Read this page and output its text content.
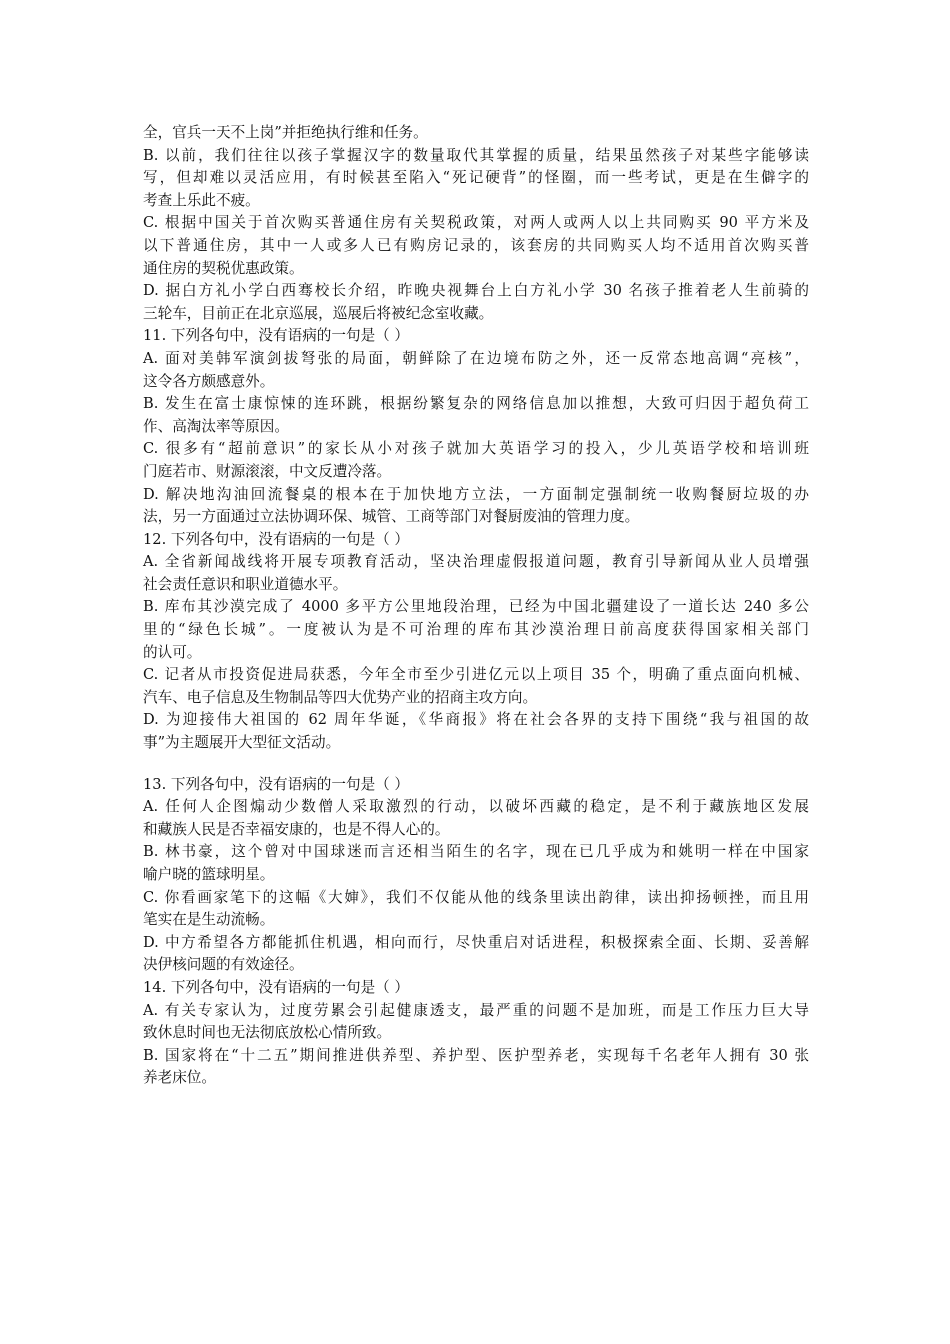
全，官兵一天不上岗”并拒绝执行维和任务。
B. 以前，我们往往以孩子掌握汉字的数量取代其掌握的质量，结果虽然孩子对某些字能够读
写，但却难以灵活应用，有时候甚至陷入“死记硬背”的怪圈，而一些考试，更是在生僻字的
考查上乐此不疲。
C. 根据中国关于首次购买普通住房有关契税政策，对两人或两人以上共同购买 90 平方米及
以下普通住房，其中一人或多人已有购房记录的，该套房的共同购买人均不适用首次购买普
通住房的契税优惠政策。
D. 据白方礼小学白西骞校长介绍，昨晚央视舞台上白方礼小学 30 名孩子推着老人生前骑的
三轮车，目前正在北京巡展，巡展后将被纪念室收藏。
11. 下列各句中，没有语病的一句是（ ）
A. 面对美韩军演剑拔弩张的局面，朝鲜除了在边境布防之外，还一反常态地高调“亮核”，
这令各方颇感意外。
B. 发生在富士康惊悚的连环跳，根据纷繁复杂的网络信息加以推想，大致可归因于超负荷工
作、高淘汰率等原因。
C. 很多有“超前意识”的家长从小对孩子就加大英语学习的投入，少儿英语学校和培训班
门庭若市、财源滚滚，中文反遭冷落。
D. 解决地沟油回流餐桌的根本在于加快地方立法，一方面制定强制统一收购餐厨垃圾的办
法，另一方面通过立法协调环保、城管、工商等部门对餐厨废油的管理力度。
12. 下列各句中，没有语病的一句是（ ）
A. 全省新闻战线将开展专项教育活动，坚决治理虚假报道问题，教育引导新闻从业人员增强
社会责任意识和职业道德水平。
B. 库布其沙漠完成了 4000 多平方公里地段治理，已经为中国北疆建设了一道长达 240 多公
里的“绿色长城”。一度被认为是不可治理的库布其沙漠治理日前高度获得国家相关部门
的认可。
C. 记者从市投资促进局获悉，今年全市至少引进亿元以上项目 35 个，明确了重点面向机械、
汽车、电子信息及生物制品等四大优势产业的招商主攻方向。
D. 为迎接伟大祖国的 62 周年华诞，《华商报》将在社会各界的支持下围绕“我与祖国的故
事”为主题展开大型征文活动。
13. 下列各句中，没有语病的一句是（ ）
A. 任何人企图煽动少数僧人采取激烈的行动，以破坏西藏的稳定，是不利于藏族地区发展
和藏族人民是否幸福安康的，也是不得人心的。
B. 林书豪，这个曾对中国球迷而言还相当陌生的名字，现在已几乎成为和姚明一样在中国家
喻户晓的篮球明星。
C. 你看画家笔下的这幅《大婶》，我们不仅能从他的线条里读出韵律，读出抑扬顿挫，而且用
笔实在是生动流畅。
D. 中方希望各方都能抓住机遇，相向而行，尽快重启对话进程，积极探索全面、长期、妥善解
决伊核问题的有效途径。
14. 下列各句中，没有语病的一句是（ ）
A. 有关专家认为，过度劳累会引起健康透支，最严重的问题不是加班，而是工作压力巨大导
致休息时间也无法彻底放松心情所致。
B. 国家将在“十二五”期间推进供养型、养护型、医护型养老，实现每千名老年人拥有 30 张
养老床位。
